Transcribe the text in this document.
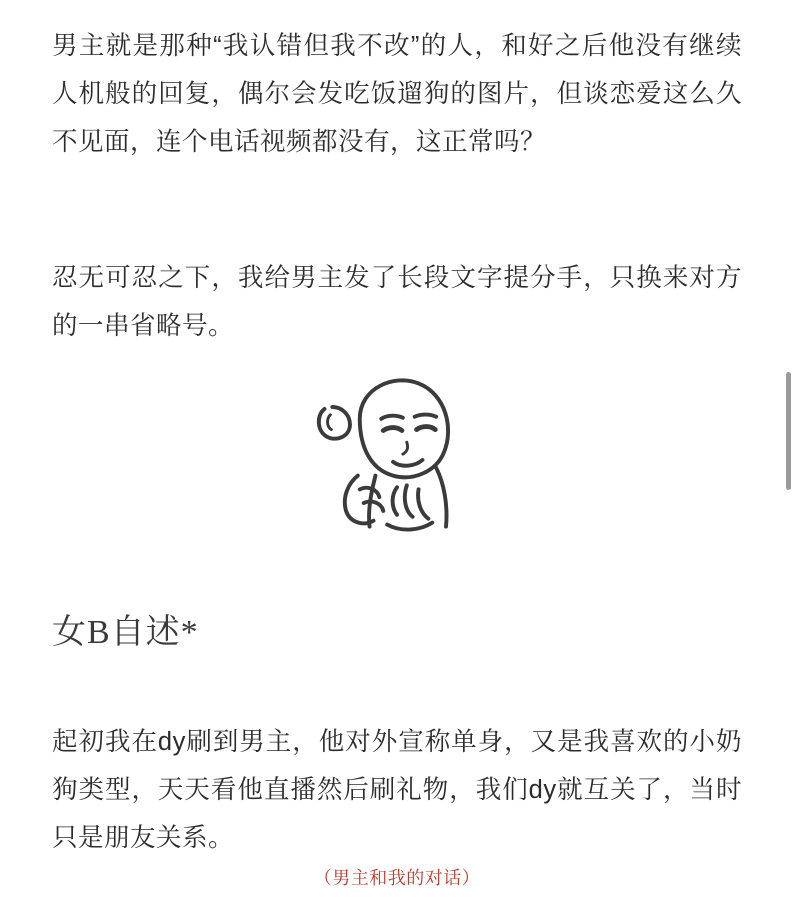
男主就是那种“我认错但我不改”的人，和好之后他没有继续人机般的回复，偶尔会发吃饭遛狗的图片，但谈恋爱这么久不见面，连个电话视频都没有，这正常吗？

忍无可忍之下，我给男主发了长段文字提分手，只换来对方的一串省略号。

女B自述*

起初我在dy刷到男主，他对外宣称单身，又是我喜欢的小奶狗类型，天天看他直播然后刷礼物，我们dy就互关了，当时只是朋友关系。

（男主和我的对话）
